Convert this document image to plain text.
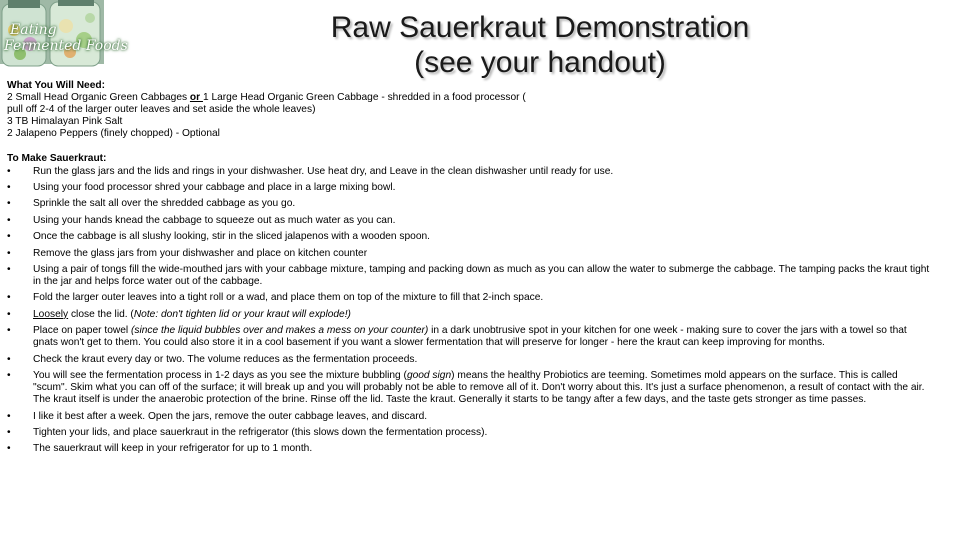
Eating
Fermented Foods
Raw Sauerkraut Demonstration
(see your handout)

What You Will Need:

2 Small Head Organic Green Cabbages or 1 Large Head Organic Green Cabbage - shredded in a food processor (

pull off 2-4 of the larger outer leaves and set aside the whole leaves)

3 TB Himalayan Pink Salt

2 Jalapeno Peppers (finely chopped) - Optional

To Make Sauerkraut:

• Run the glass jars and the lids and rings in your dishwasher. Use heat dry, and Leave in the clean dishwasher until ready for use.
• Using your food processor shred your cabbage and place in a large mixing bowl.
• Sprinkle the salt all over the shredded cabbage as you go.
• Using your hands knead the cabbage to squeeze out as much water as you can.
• Once the cabbage is all slushy looking, stir in the sliced jalapenos with a wooden spoon.
• Remove the glass jars from your dishwasher and place on kitchen counter
• Using a pair of tongs fill the wide-mouthed jars with your cabbage mixture, tamping and packing down as much as you can allow the water to submerge the cabbage. The tamping packs the kraut tight in the jar and helps force water out of the cabbage.
• Fold the larger outer leaves into a tight roll or a wad, and place them on top of the mixture to fill that 2-inch space.
• Loosely close the lid. (Note: don't tighten lid or your kraut will explode!)
• Place on paper towel (since the liquid bubbles over and makes a mess on your counter) in a dark unobtrusive spot in your kitchen for one week - making sure to cover the jars with a towel so that gnats won't get to them. You could also store it in a cool basement if you want a slower fermentation that will preserve for longer - here the kraut can keep improving for months.
• Check the kraut every day or two. The volume reduces as the fermentation proceeds.
• You will see the fermentation process in 1-2 days as you see the mixture bubbling (good sign) means the healthy Probiotics are teeming. Sometimes mold appears on the surface. This is called "scum". Skim what you can off of the surface; it will break up and you will probably not be able to remove all of it. Don't worry about this. It's just a surface phenomenon, a result of contact with the air. The kraut itself is under the anaerobic protection of the brine. Rinse off the lid. Taste the kraut. Generally it starts to be tangy after a few days, and the taste gets stronger as time passes.
• I like it best after a week. Open the jars, remove the outer cabbage leaves, and discard.
• Tighten your lids, and place sauerkraut in the refrigerator (this slows down the fermentation process).
• The sauerkraut will keep in your refrigerator for up to 1 month.
